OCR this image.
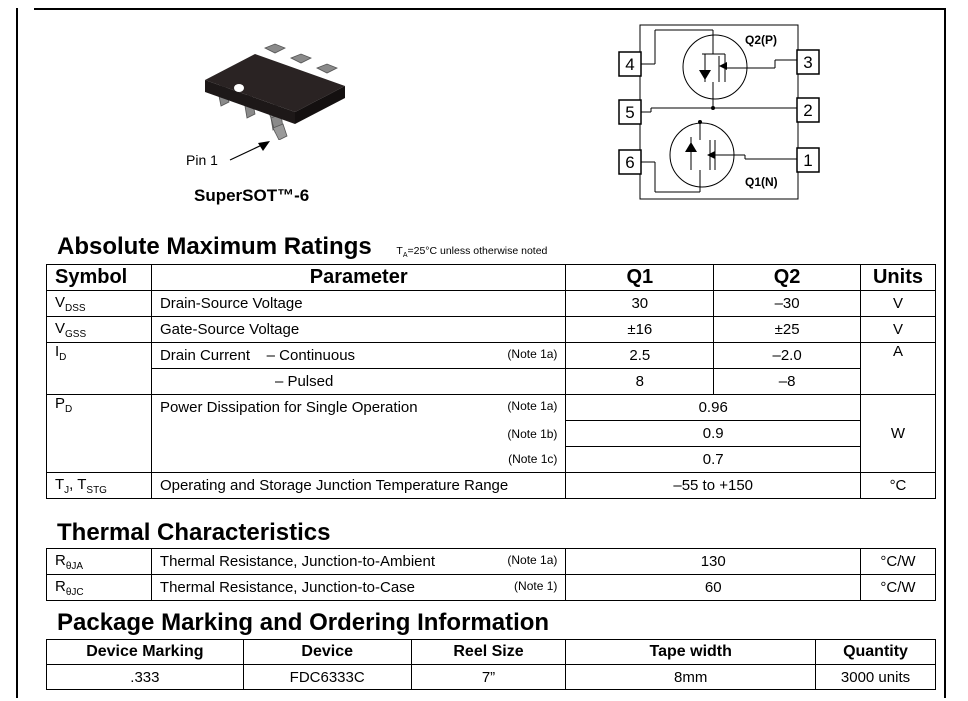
Pin 1
SuperSOT™-6
4	3
5	2
6	1
Q2(P)
Q1(N)
Absolute Maximum Ratings $T_A=25^\circ C$ unless otherwise noted
Symbol	Parameter	Q1	Q2	Units
$V_{DSS}$	Drain-Source Voltage	30	–30	V
$V_{GSS}$	Gate-Source Voltage	±16	±25	V
$I_D$	Drain Current – Continuous (Note 1a)	2.5	–2.0	A
	– Pulsed	8	–8	
$P_D$	Power Dissipation for Single Operation (Note 1a)	0.96		W

	(Note 1b)	0.9		

	(Note 1c)	0.7		
$T_J$, $T_{STG}$	Operating and Storage Junction Temperature Range	–55 to +150		°C
Thermal Characteristics
$R_{\theta JA}$	Thermal Resistance, Junction-to-Ambient (Note 1a)	130	°C/W
$R_{\theta JC}$	Thermal Resistance, Junction-to-Case (Note 1)	60	°C/W
Package Marking and Ordering Information
Device Marking	Device	Reel Size	Tape width	Quantity
.333	FDC6333C	7”	8mm	3000 units
